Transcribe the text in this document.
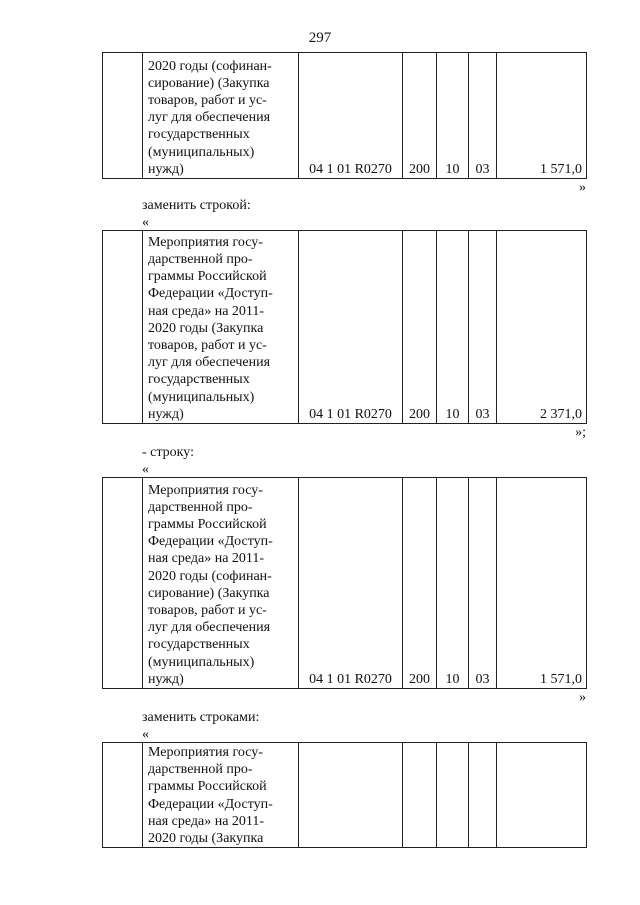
297

2020 годы (софинан-
сирование) (Закупка
товаров, работ и ус-
луг для обеспечения
государственных
(муниципальных)
нужд)	04 1 01 R0270	200	10	03	1 571,0
»
заменить строкой:
«

Мероприятия госу-
дарственной про-
граммы Российской
Федерации «Доступ-
ная среда» на 2011-
2020 годы (Закупка
товаров, работ и ус-
луг для обеспечения
государственных
(муниципальных)
нужд)	04 1 01 R0270	200	10	03	2 371,0
»;
- строку:
«

Мероприятия госу-
дарственной про-
граммы Российской
Федерации «Доступ-
ная среда» на 2011-
2020 годы (софинан-
сирование) (Закупка
товаров, работ и ус-
луг для обеспечения
государственных
(муниципальных)
нужд)	04 1 01 R0270	200	10	03	1 571,0
»
заменить строками:
«

Мероприятия госу-
дарственной про-
граммы Российской
Федерации «Доступ-
ная среда» на 2011-
2020 годы (Закупка
